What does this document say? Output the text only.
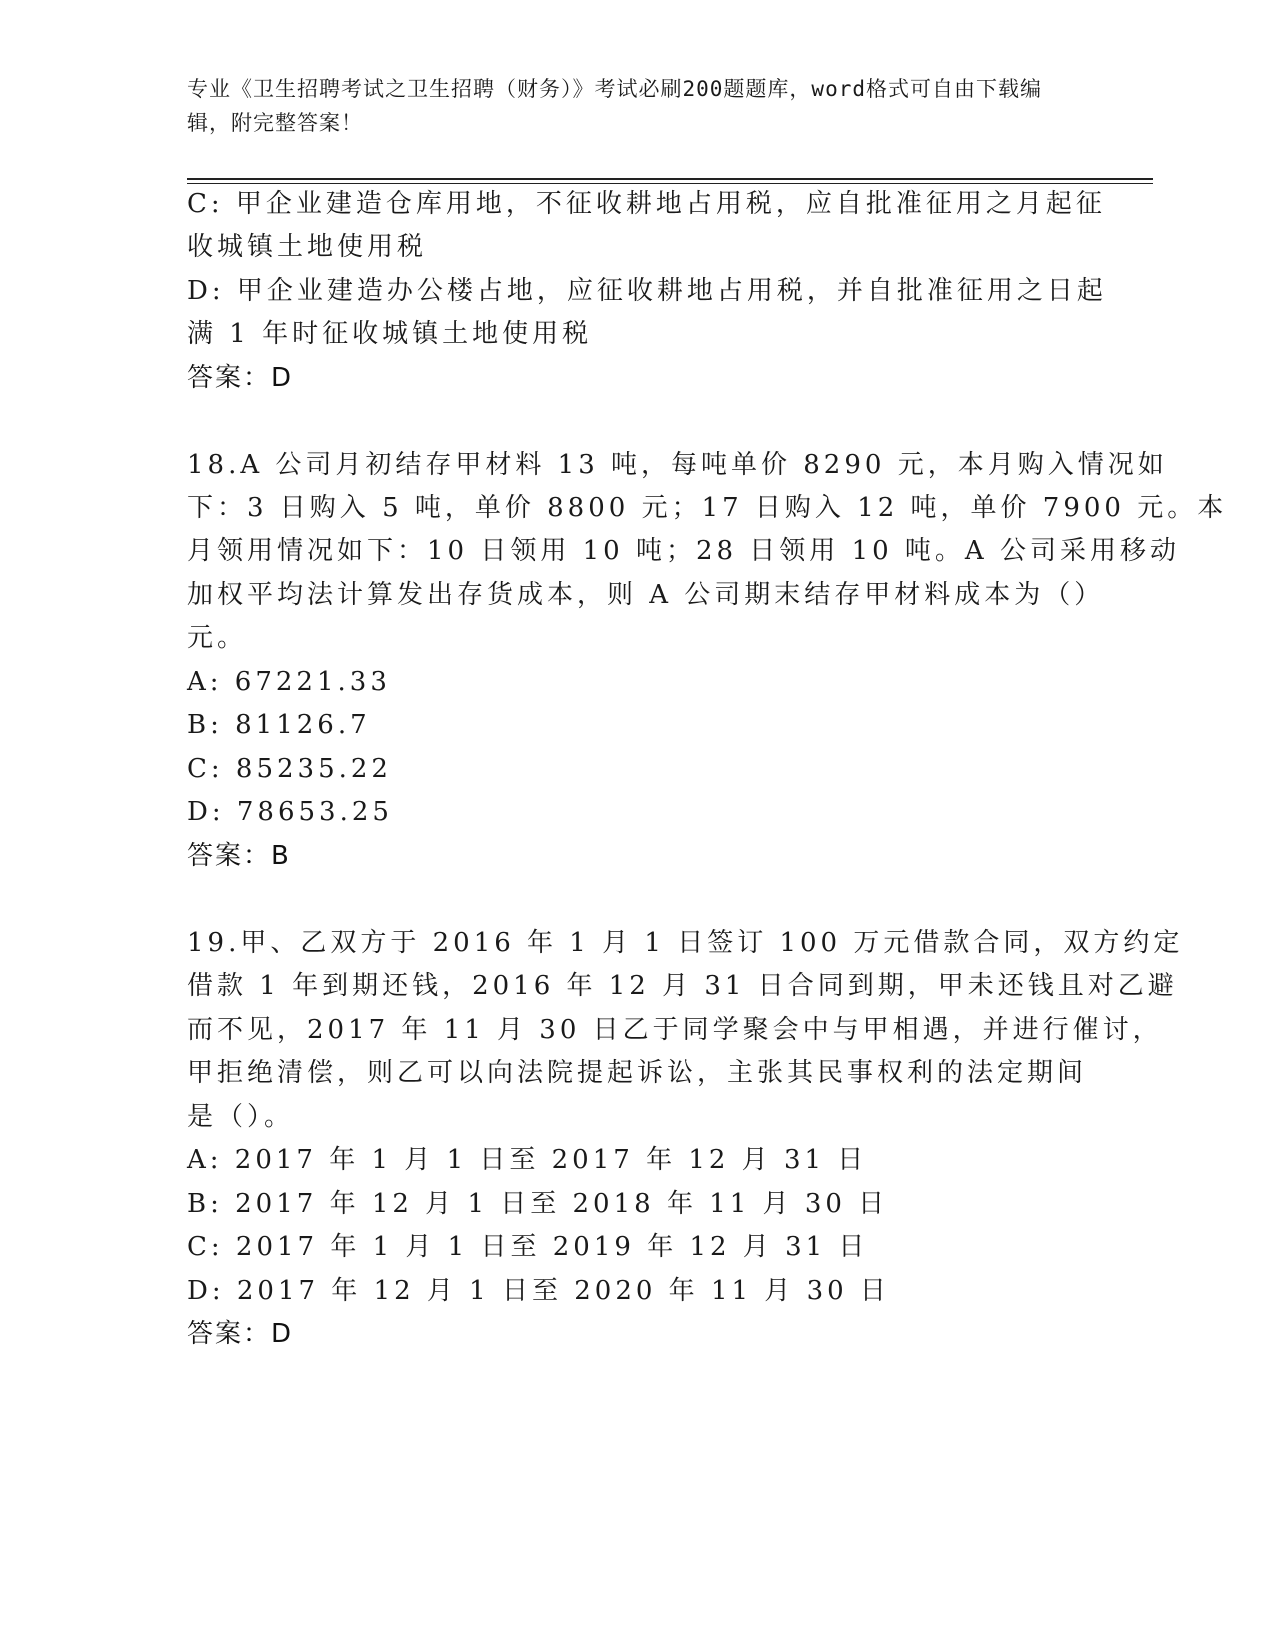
专业《卫生招聘考试之卫生招聘（财务）》考试必刷200题题库，word格式可自由下载编辑，附完整答案！
C: 甲企业建造仓库用地，不征收耕地占用税，应自批准征用之月起征
收城镇土地使用税
D: 甲企业建造办公楼占地，应征收耕地占用税，并自批准征用之日起
满 1 年时征收城镇土地使用税
答案：D
18.A 公司月初结存甲材料 13 吨，每吨单价 8290 元，本月购入情况如
下：3 日购入 5 吨，单价 8800 元；17 日购入 12 吨，单价 7900 元。本
月领用情况如下：10 日领用 10 吨；28 日领用 10 吨。A 公司采用移动
加权平均法计算发出存货成本，则 A 公司期末结存甲材料成本为（）
元。
A: 67221.33
B: 81126.7
C: 85235.22
D: 78653.25
答案：B
19.甲、乙双方于 2016 年 1 月 1 日签订 100 万元借款合同，双方约定
借款 1 年到期还钱，2016 年 12 月 31 日合同到期，甲未还钱且对乙避
而不见，2017 年 11 月 30 日乙于同学聚会中与甲相遇，并进行催讨，
甲拒绝清偿，则乙可以向法院提起诉讼，主张其民事权利的法定期间
是（）。
A: 2017 年 1 月 1 日至 2017 年 12 月 31 日
B: 2017 年 12 月 1 日至 2018 年 11 月 30 日
C: 2017 年 1 月 1 日至 2019 年 12 月 31 日
D: 2017 年 12 月 1 日至 2020 年 11 月 30 日
答案：D
